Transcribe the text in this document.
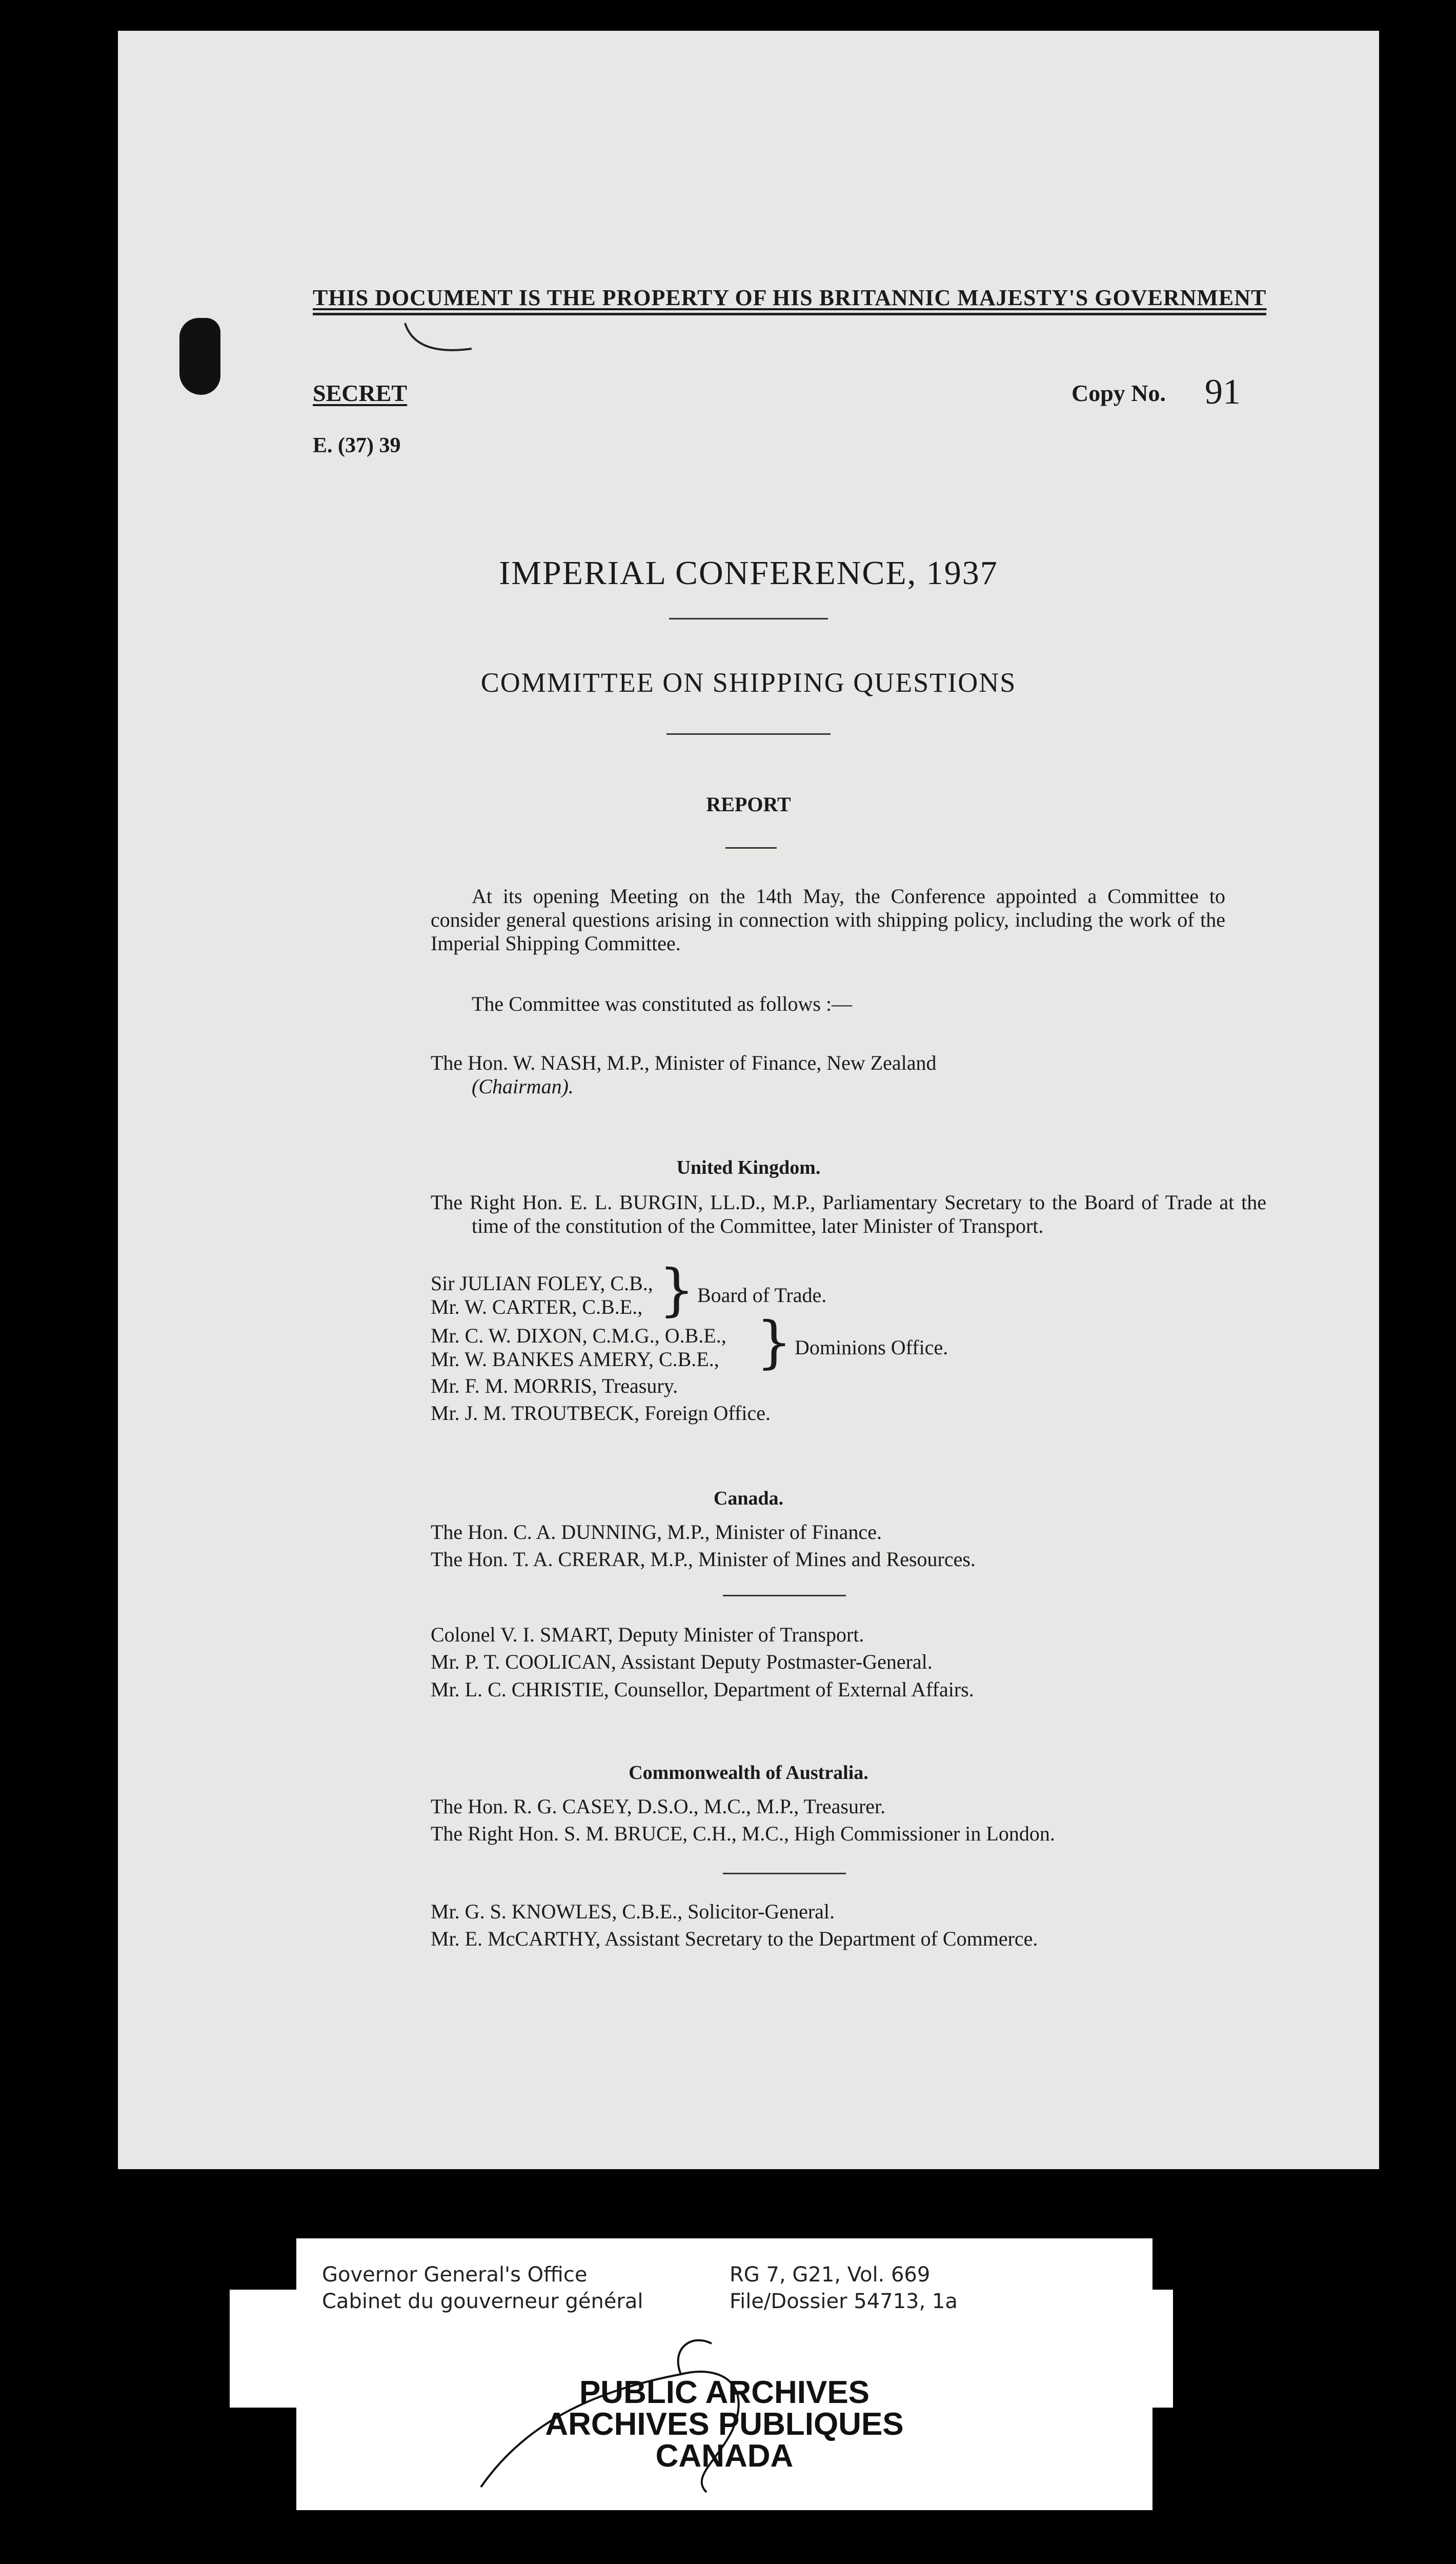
THIS DOCUMENT IS THE PROPERTY OF HIS BRITANNIC MAJESTY'S GOVERNMENT
SECRET	Copy No. 91
E. (37) 39
IMPERIAL CONFERENCE, 1937
COMMITTEE ON SHIPPING QUESTIONS
REPORT
At its opening Meeting on the 14th May, the Conference appointed a Committee to consider general questions arising in connection with shipping policy, including the work of the Imperial Shipping Committee.
The Committee was constituted as follows :—
The Hon. W. NASH, M.P., Minister of Finance, New Zealand
(Chairman).
United Kingdom.
The Right Hon. E. L. BURGIN, LL.D., M.P., Parliamentary Secretary to the Board of Trade at the time of the constitution of the Committee, later Minister of Transport.
Sir JULIAN FOLEY, C.B.,
Mr. W. CARTER, C.B.E., } Board of Trade.
Mr. C. W. DIXON, C.M.G., O.B.E.,
Mr. W. BANKES AMERY, C.B.E., } Dominions Office.
Mr. F. M. MORRIS, Treasury.
Mr. J. M. TROUTBECK, Foreign Office.
Canada.
The Hon. C. A. DUNNING, M.P., Minister of Finance.
The Hon. T. A. CRERAR, M.P., Minister of Mines and Resources.
Colonel V. I. SMART, Deputy Minister of Transport.
Mr. P. T. COOLICAN, Assistant Deputy Postmaster-General.
Mr. L. C. CHRISTIE, Counsellor, Department of External Affairs.
Commonwealth of Australia.
The Hon. R. G. CASEY, D.S.O., M.C., M.P., Treasurer.
The Right Hon. S. M. BRUCE, C.H., M.C., High Commissioner in London.
Mr. G. S. KNOWLES, C.B.E., Solicitor-General.
Mr. E. McCARTHY, Assistant Secretary to the Department of Commerce.
Governor General's Office
Cabinet du gouverneur général
RG 7, G21, Vol. 669
File/Dossier 54713, 1a
PUBLIC ARCHIVES
ARCHIVES PUBLIQUES
CANADA
